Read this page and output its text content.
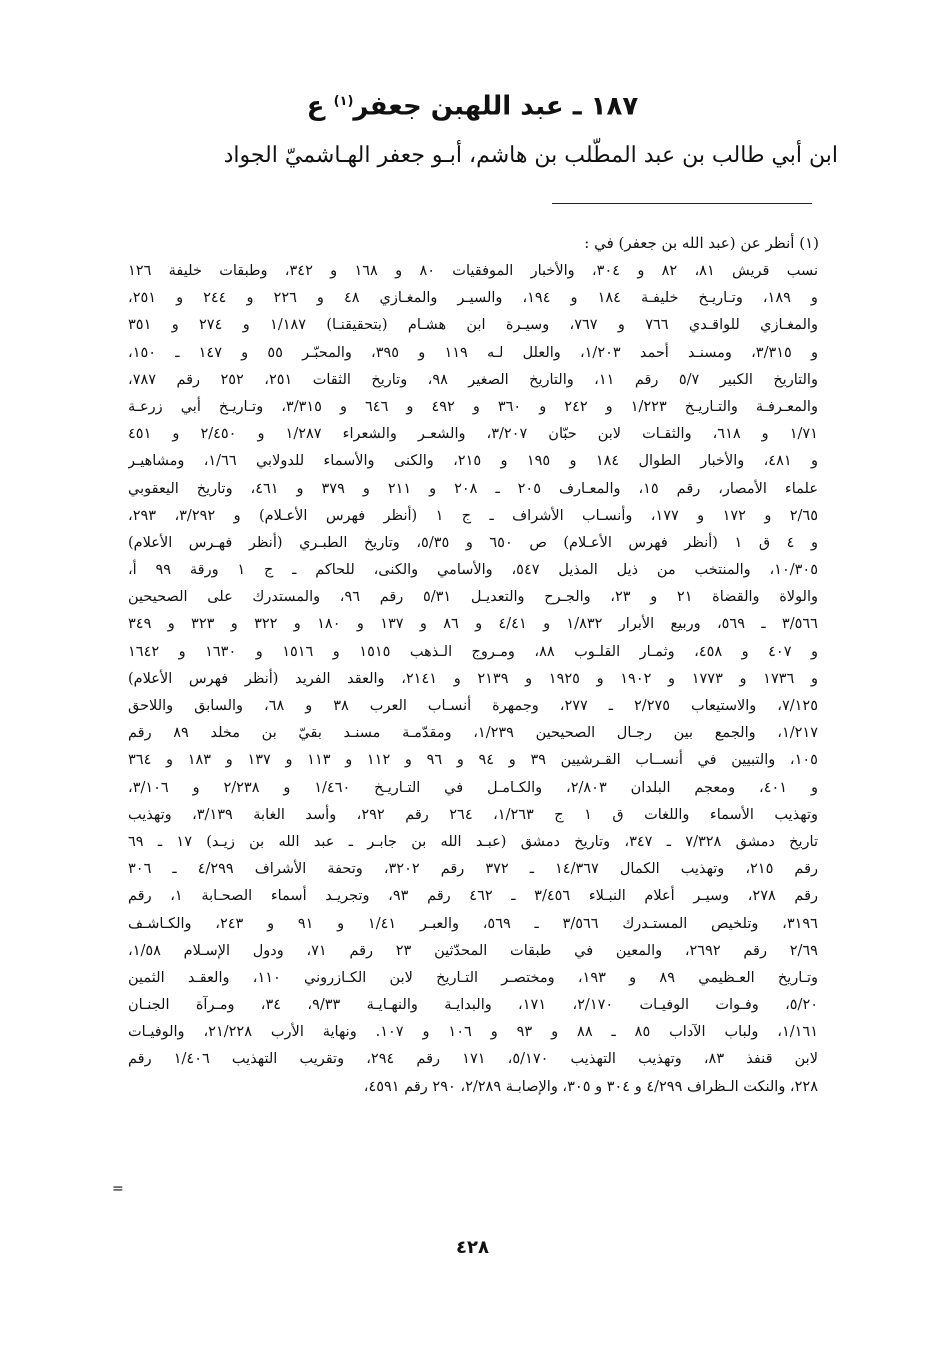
١٨٧ ـ عبد اللهبن جعفر$^{(١)}$ ع
ابن أبي طالب بن عبد المطّلب بن هاشم، أبـو جعفر الهـاشميّ الجواد
(١) أنظر عن (عبد الله بن جعفر) في :
نسب قريش ٨١، ٨٢ و ٣٠٤، والأخبار الموفقيات ٨٠ و ١٦٨ و ٣٤٢، وطبقات خليفة ١٢٦
و ١٨٩، وتـاريـخ خليفـة ١٨٤ و ١٩٤، والسيـر والمغـازي ٤٨ و ٢٢٦ و ٢٤٤ و ٢٥١،
والمغـازي للواقـدي ٧٦٦ و ٧٦٧، وسيـرة ابن هشـام (بتحقيقنـا) ١/١٨٧ و ٢٧٤ و ٣٥١
و ٣/٣١٥، ومسنـد أحمد ١/٢٠٣، والعلل لـه ١١٩ و ٣٩٥، والمحبّـر ٥٥ و ١٤٧ ـ ١٥٠،
والتاريخ الكبير ٥/٧ رقم ١١، والتاريخ الصغير ٩٨، وتاريخ الثقات ٢٥١، ٢٥٢ رقم ٧٨٧،
والمعـرفـة والتـاريـخ ١/٢٢٣ و ٢٤٢ و ٣٦٠ و ٤٩٢ و ٦٤٦ و ٣/٣١٥، وتـاريـخ أبي زرعـة
١/٧١ و ٦١٨، والثقـات لابن حبّان ٣/٢٠٧، والشعـر والشعراء ١/٢٨٧ و ٢/٤٥٠ و ٤٥١
و ٤٨١، والأخبار الطوال ١٨٤ و ١٩٥ و ٢١٥، والكنى والأسماء للدولابي ١/٦٦، ومشاهيـر
علماء الأمصار، رقم ١٥، والمعـارف ٢٠٥ ـ ٢٠٨ و ٢١١ و ٣٧٩ و ٤٦١، وتاريخ اليعقوبي
٢/٦٥ و ١٧٢ و ١٧٧، وأنسـاب الأشراف ـ ج ١ (أنظر فهرس الأعـلام) و ٣/٢٩٢، ٢٩٣،
و ٤ ق ١ (أنظر فهرس الأعـلام) ص ٦٥٠ و ٥/٣٥، وتاريخ الطبـري (أنظر فهـرس الأعلام)
١٠/٣٠٥، والمنتخب من ذيل المذيل ٥٤٧، والأسامي والكنى، للحاكم ـ ج ١ ورقة ٩٩ أ،
والولاة والقضاة ٢١ و ٢٣، والجـرح والتعديـل ٥/٣١ رقم ٩٦، والمستدرك على الصحيحين
٣/٥٦٦ ـ ٥٦٩، وربيع الأبرار ١/٨٣٢ و ٤/٤١ و ٨٦ و ١٣٧ و ١٨٠ و ٣٢٢ و ٣٢٣ و ٣٤٩
و ٤٠٧ و ٤٥٨، وثمـار القلـوب ٨٨، ومـروج الـذهب ١٥١٥ و ١٥١٦ و ١٦٣٠ و ١٦٤٢
و ١٧٣٦ و ١٧٧٣ و ١٩٠٢ و ١٩٢٥ و ٢١٣٩ و ٢١٤١، والعقد الفريد (أنظر فهرس الأعلام)
٧/١٢٥، والاستيعاب ٢/٢٧٥ ـ ٢٧٧، وجمهرة أنسـاب العرب ٣٨ و ٦٨، والسابق واللاحق
١/٢١٧، والجمع بين رجـال الصحيحين ١/٢٣٩، ومقدّمـة مسنـد بقيّ بن مخلد ٨٩ رقم
١٠٥، والتبيين في أنســاب القـرشيين ٣٩ و ٩٤ و ٩٦ و ١١٢ و ١١٣ و ١٣٧ و ١٨٣ و ٣٦٤
و ٤٠١، ومعجم البلدان ٢/٨٠٣، والكـامـل في التـاريـخ ١/٤٦٠ و ٢/٢٣٨ و ٣/١٠٦،
وتهذيب الأسماء واللغات ق ١ ج ١/٢٦٣، ٢٦٤ رقم ٢٩٢، وأسد الغابة ٣/١٣٩، وتهذيب
تاريخ دمشق ٧/٣٢٨ ـ ٣٤٧، وتاريخ دمشق (عبـد الله بن جابـر ـ عبد الله بن زيـد) ١٧ ـ ٦٩
رقم ٢١٥، وتهذيب الكمال ١٤/٣٦٧ ـ ٣٧٢ رقم ٣٢٠٢، وتحفة الأشراف ٤/٢٩٩ ـ ٣٠٦
رقم ٢٧٨، وسيـر أعلام النبـلاء ٣/٤٥٦ ـ ٤٦٢ رقم ٩٣، وتجريـد أسماء الصحـابة ١، رقم
٣١٩٦، وتلخيص المستـدرك ٣/٥٦٦ ـ ٥٦٩، والعبـر ١/٤١ و ٩١ و ٢٤٣، والكـاشـف
٢/٦٩ رقم ٢٦٩٢، والمعين في طبقات المحدّثين ٢٣ رقم ٧١، ودول الإسـلام ١/٥٨،
وتـاريخ العـظيمي ٨٩ و ١٩٣، ومختصـر التـاريخ لابن الكـازروني ١١٠، والعقـد الثمين
٥/٢٠، وفـوات الوفيـات ٢/١٧٠، ١٧١، والبدايـة والنهـايـة ٩/٣٣، ٣٤، ومـرآة الجنـان
١/١٦١، ولباب الآداب ٨٥ ـ ٨٨ و ٩٣ و ١٠٦ و ١٠٧. ونهاية الأرب ٢١/٢٢٨، والوفيـات
لابن قنفذ ٨٣، وتهذيب التهذيب ٥/١٧٠، ١٧١ رقم ٢٩٤، وتقريب التهذيب ١/٤٠٦ رقم
٢٢٨، والنكت الـظراف ٤/٢٩٩ و ٣٠٤ و ٣٠٥، والإصابـة ٢/٢٨٩، ٢٩٠ رقم ٤٥٩١،
=
٤٢٨
